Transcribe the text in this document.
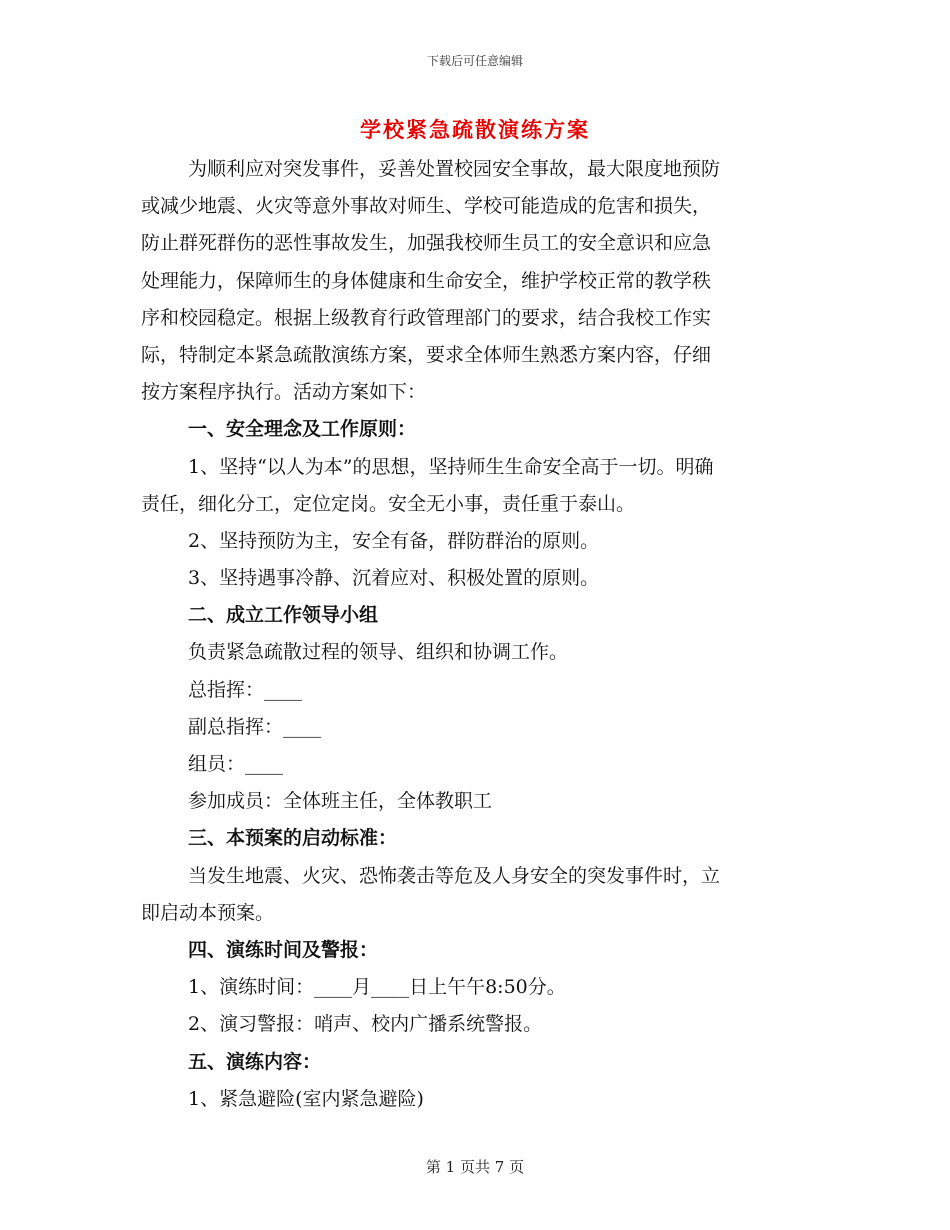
下载后可任意编辑
学校紧急疏散演练方案
为顺利应对突发事件，妥善处置校园安全事故，最大限度地预防
或减少地震、火灾等意外事故对师生、学校可能造成的危害和损失，
防止群死群伤的恶性事故发生，加强我校师生员工的安全意识和应急
处理能力，保障师生的身体健康和生命安全，维护学校正常的教学秩
序和校园稳定。根据上级教育行政管理部门的要求，结合我校工作实
际，特制定本紧急疏散演练方案，要求全体师生熟悉方案内容，仔细
按方案程序执行。活动方案如下：
一、安全理念及工作原则：
1、坚持“以人为本”的思想，坚持师生生命安全高于一切。明确
责任，细化分工，定位定岗。安全无小事，责任重于泰山。
2、坚持预防为主，安全有备，群防群治的原则。
3、坚持遇事冷静、沉着应对、积极处置的原则。
二、成立工作领导小组
负责紧急疏散过程的领导、组织和协调工作。
总指挥：____
副总指挥：____
组员：____
参加成员：全体班主任，全体教职工
三、本预案的启动标准：
当发生地震、火灾、恐怖袭击等危及人身安全的突发事件时，立
即启动本预案。
四、演练时间及警报：
1、演练时间：____月____日上午午8:50分。
2、演习警报：哨声、校内广播系统警报。
五、演练内容：
1、紧急避险(室内紧急避险)
第 1 页共 7 页
